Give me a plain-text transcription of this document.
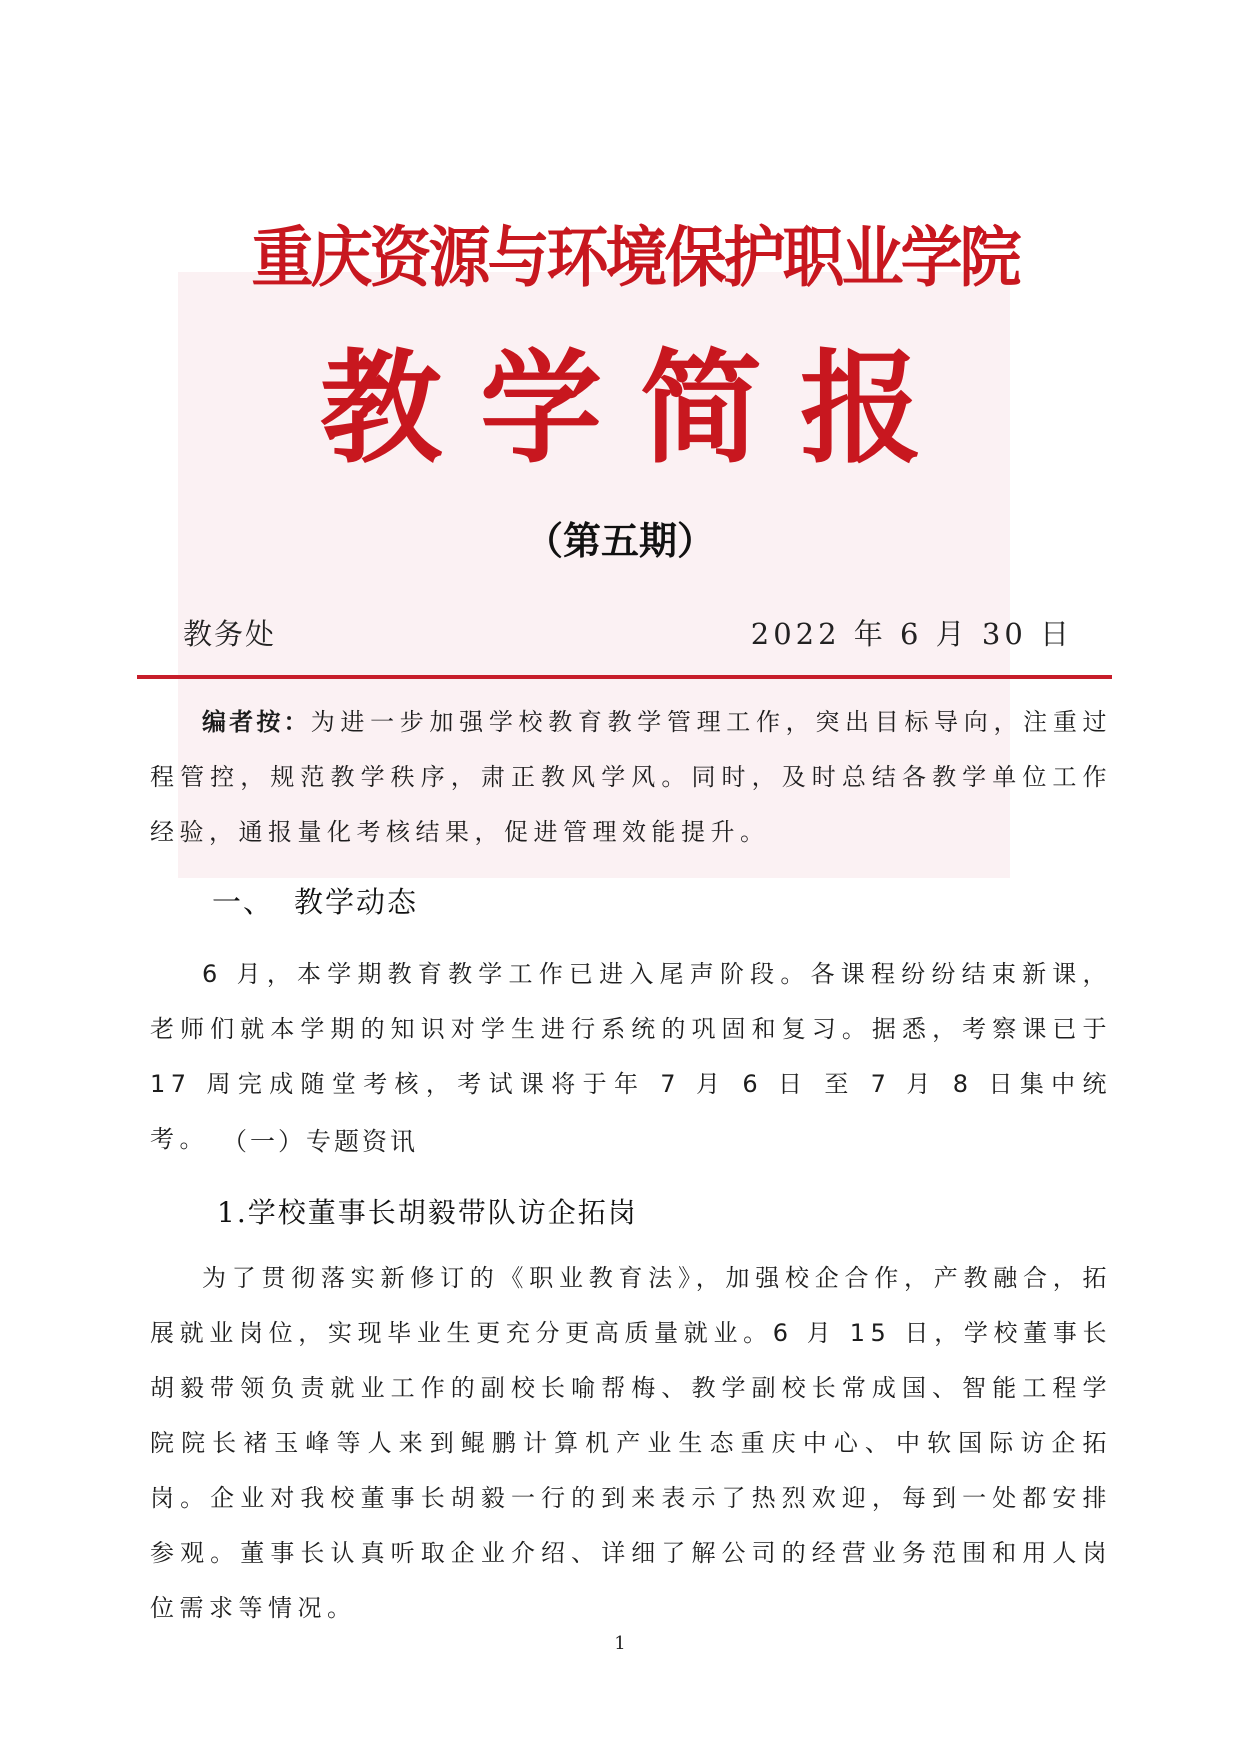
重庆资源与环境保护职业学院
教学简报
（第五期）
教务处	2022 年 6 月 30 日
编者按：为进一步加强学校教育教学管理工作，突出目标导向，注重过程管控，规范教学秩序，肃正教风学风。同时，及时总结各教学单位工作经验，通报量化考核结果，促进管理效能提升。
一、 教学动态
6 月，本学期教育教学工作已进入尾声阶段。各课程纷纷结束新课，老师们就本学期的知识对学生进行系统的巩固和复习。据悉，考察课已于 17 周完成随堂考核，考试课将于年 7 月 6 日 至 7 月 8 日集中统考。 （一）专题资讯
1.学校董事长胡毅带队访企拓岗
为了贯彻落实新修订的《职业教育法》，加强校企合作，产教融合，拓展就业岗位，实现毕业生更充分更高质量就业。6 月 15 日，学校董事长胡毅带领负责就业工作的副校长喻帮梅、教学副校长常成国、智能工程学院院长褚玉峰等人来到鲲鹏计算机产业生态重庆中心、中软国际访企拓岗。企业对我校董事长胡毅一行的到来表示了热烈欢迎，每到一处都安排参观。董事长认真听取企业介绍、详细了解公司的经营业务范围和用人岗位需求等情况。
1
